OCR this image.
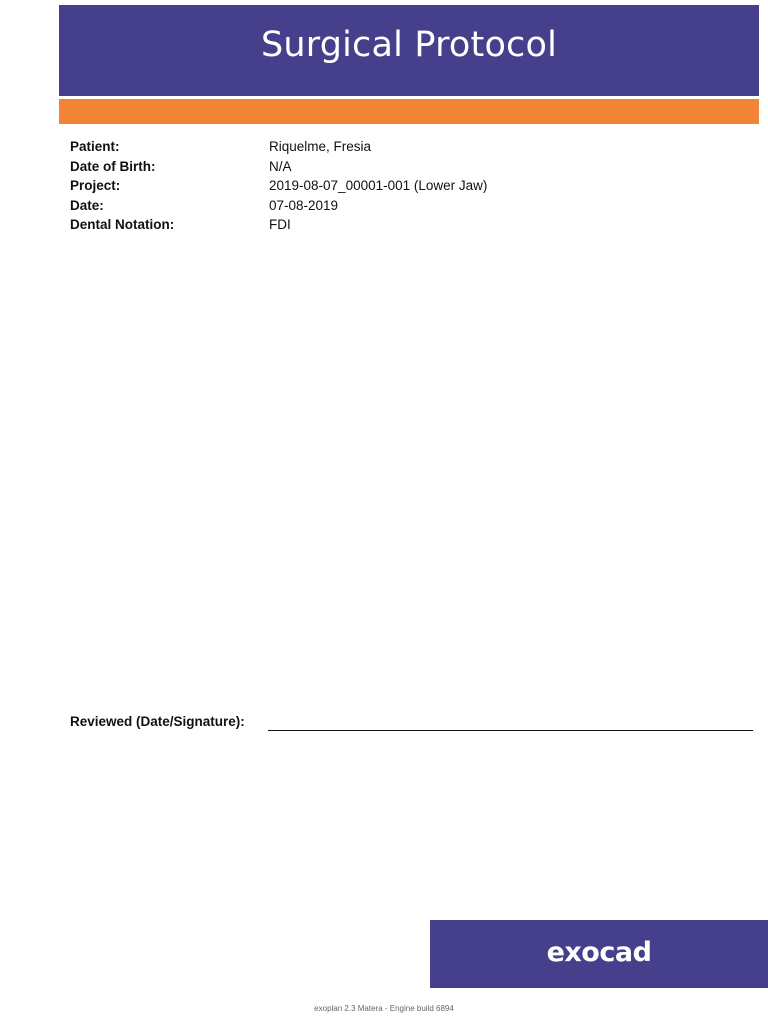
Surgical Protocol
Patient:	Riquelme, Fresia
Date of Birth:	N/A
Project:	2019-08-07_00001-001 (Lower Jaw)
Date:	07-08-2019
Dental Notation:	FDI
Reviewed (Date/Signature):
exocad
exoplan 2.3 Matera - Engine build 6894
